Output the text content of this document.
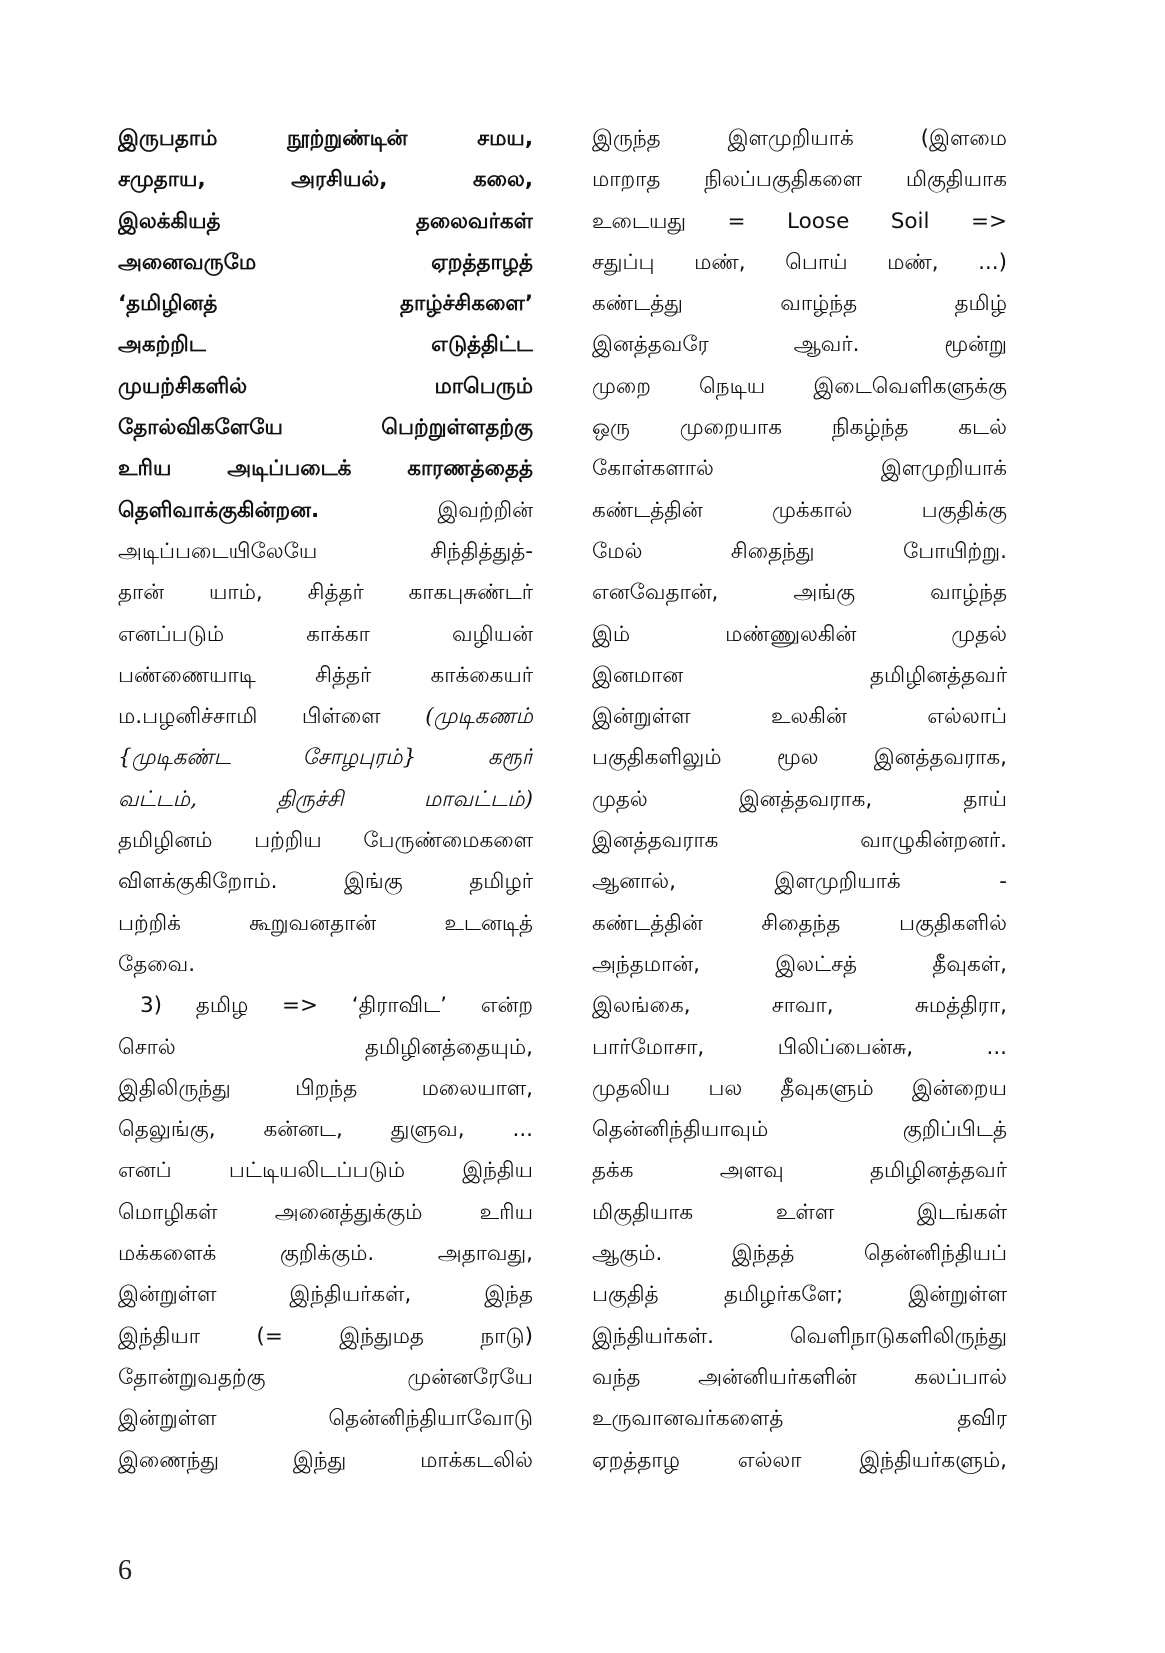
இருபதாம் நூற்றுண்டின் சமய,
சமுதாய, அரசியல், கலை,
இலக்கியத் தலைவர்கள்
அனைவருமே ஏறத்தாழத்
‘தமிழினத் தாழ்ச்சிகளை’
அகற்றிட எடுத்திட்ட
முயற்சிகளில் மாபெரும்
தோல்விகளேயே பெற்றுள்ளதற்கு
உரிய அடிப்படைக் காரணத்தைத்
தெளிவாக்குகின்றன. இவற்றின்
அடிப்படையிலேயே சிந்தித்துத்-
தான் யாம், சித்தர் காகபுசுண்டர்
எனப்படும் காக்கா வழியன்
பண்ணையாடி சித்தர் காக்கையர்
ம.பழனிச்சாமி பிள்ளை (முடிகணம்
{முடிகண்ட சோழபுரம்} கரூர்
வட்டம், திருச்சி மாவட்டம்)
தமிழினம் பற்றிய பேருண்மைகளை
விளக்குகிறோம். இங்கு தமிழர்
பற்றிக் கூறுவனதான் உடனடித்
தேவை.
3) தமிழ => ‘திராவிட’ என்ற
சொல் தமிழினத்தையும்,
இதிலிருந்து பிறந்த மலையாள,
தெலுங்கு, கன்னட, துளுவ, ...
எனப் பட்டியலிடப்படும் இந்திய
மொழிகள் அனைத்துக்கும் உரிய
மக்களைக் குறிக்கும். அதாவது,
இன்றுள்ள இந்தியர்கள், இந்த
இந்தியா (= இந்துமத நாடு)
தோன்றுவதற்கு முன்னரேயே
இன்றுள்ள தென்னிந்தியாவோடு
இணைந்து இந்து மாக்கடலில்
இருந்த இளமுறியாக் (இளமை
மாறாத நிலப்பகுதிகளை மிகுதியாக
உடையது = Loose Soil =>
சதுப்பு மண், பொய் மண், ...)
கண்டத்து வாழ்ந்த தமிழ்
இனத்தவரே ஆவர். மூன்று
முறை நெடிய இடைவெளிகளுக்கு
ஒரு முறையாக நிகழ்ந்த கடல்
கோள்களால் இளமுறியாக்
கண்டத்தின் முக்கால் பகுதிக்கு
மேல் சிதைந்து போயிற்று.
எனவேதான், அங்கு வாழ்ந்த
இம் மண்ணுலகின் முதல்
இனமான தமிழினத்தவர்
இன்றுள்ள உலகின் எல்லாப்
பகுதிகளிலும் மூல இனத்தவராக,
முதல் இனத்தவராக, தாய்
இனத்தவராக வாழுகின்றனர்.
ஆனால், இளமுறியாக் -
கண்டத்தின் சிதைந்த பகுதிகளில்
அந்தமான், இலட்சத் தீவுகள்,
இலங்கை, சாவா, சுமத்திரா,
பார்மோசா, பிலிப்பைன்சு, ...
முதலிய பல தீவுகளும் இன்றைய
தென்னிந்தியாவும் குறிப்பிடத்
தக்க அளவு தமிழினத்தவர்
மிகுதியாக உள்ள இடங்கள்
ஆகும். இந்தத் தென்னிந்தியப்
பகுதித் தமிழர்களே; இன்றுள்ள
இந்தியர்கள். வெளிநாடுகளிலிருந்து
வந்த அன்னியர்களின் கலப்பால்
உருவானவர்களைத் தவிர
ஏறத்தாழ எல்லா இந்தியர்களும்,
6
